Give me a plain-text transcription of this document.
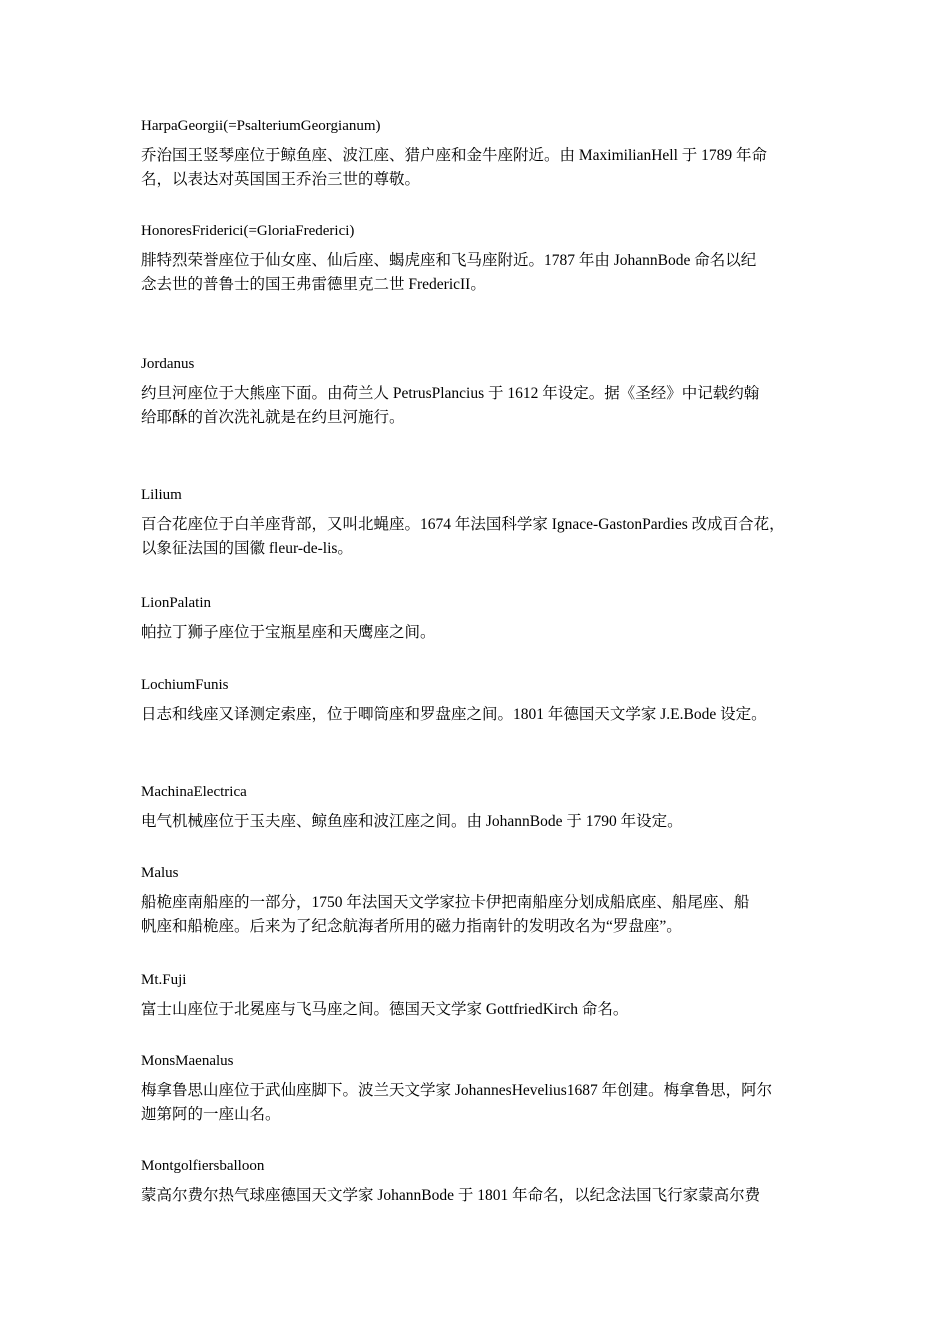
HarpaGeorgii(=PsalteriumGeorgianum)
乔治国王竖琴座位于鲸鱼座、波江座、猎户座和金牛座附近。由 MaximilianHell 于 1789 年命
名，以表达对英国国王乔治三世的尊敬。
HonoresFriderici(=GloriaFrederici)
腓特烈荣誉座位于仙女座、仙后座、蝎虎座和飞马座附近。1787 年由 JohannBode 命名以纪
念去世的普鲁士的国王弗雷德里克二世 FredericII。
Jordanus
约旦河座位于大熊座下面。由荷兰人 PetrusPlancius 于 1612 年设定。据《圣经》中记载约翰
给耶酥的首次洗礼就是在约旦河施行。
Lilium
百合花座位于白羊座背部，又叫北蝇座。1674 年法国科学家 Ignace-GastonPardies 改成百合花，
以象征法国的国徽 fleur-de-lis。
LionPalatin
帕拉丁狮子座位于宝瓶星座和天鹰座之间。
LochiumFunis
日志和线座又译测定索座，位于唧筒座和罗盘座之间。1801 年德国天文学家 J.E.Bode 设定。
MachinaElectrica
电气机械座位于玉夫座、鲸鱼座和波江座之间。由 JohannBode 于 1790 年设定。
Malus
船桅座南船座的一部分，1750 年法国天文学家拉卡伊把南船座分划成船底座、船尾座、船
帆座和船桅座。后来为了纪念航海者所用的磁力指南针的发明改名为“罗盘座”。
Mt.Fuji
富士山座位于北冕座与飞马座之间。德国天文学家 GottfriedKirch 命名。
MonsMaenalus
梅拿鲁思山座位于武仙座脚下。波兰天文学家 JohannesHevelius1687 年创建。梅拿鲁思，阿尔
迦第阿的一座山名。
Montgolfiersballoon
蒙高尔费尔热气球座德国天文学家 JohannBode 于 1801 年命名，以纪念法国飞行家蒙高尔费
